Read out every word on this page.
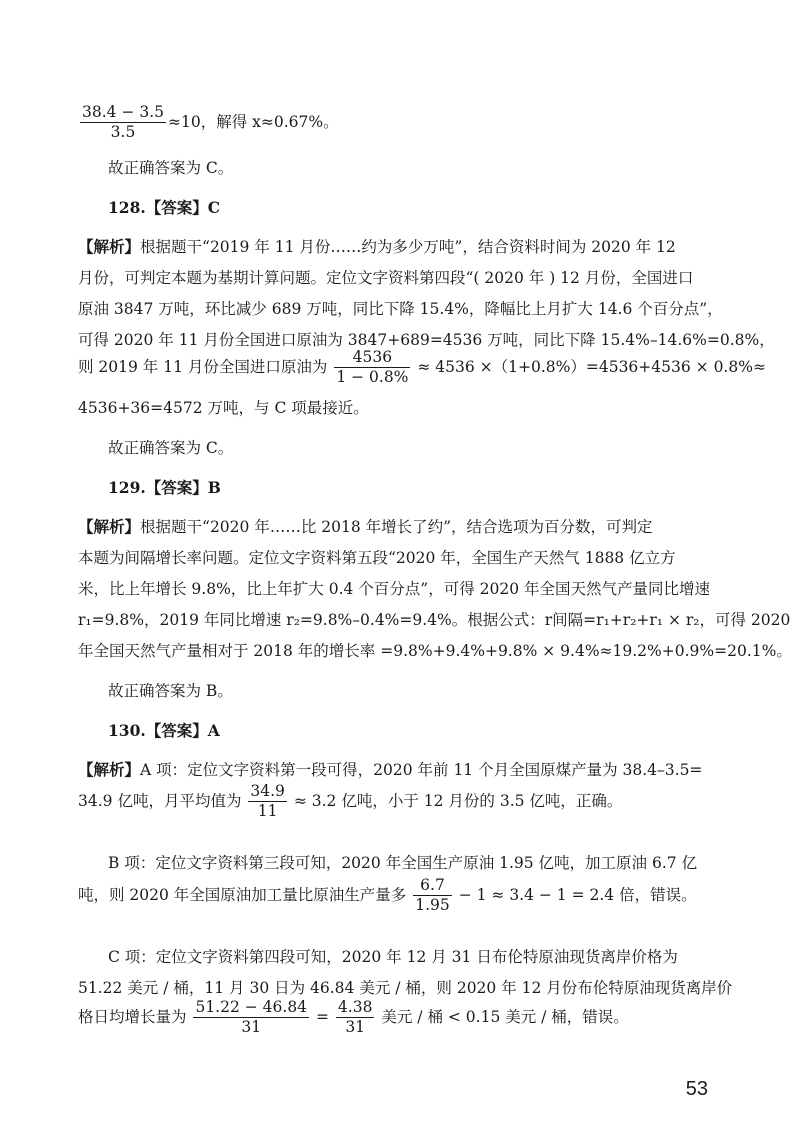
$\frac{38.4 - 3.5}{3.5} \approx 10$，解得 x≈0.67%。
故正确答案为 C。
128.【答案】C
【解析】根据题干“2019 年 11 月份……约为多少万吨”，结合资料时间为 2020 年 12
月份，可判定本题为基期计算问题。定位文字资料第四段“( 2020 年 ) 12 月份，全国进口
原油 3847 万吨，环比减少 689 万吨，同比下降 15.4%，降幅比上月扩大 14.6 个百分点”，
可得 2020 年 11 月份全国进口原油为 3847+689=4536 万吨，同比下降 15.4%–14.6%=0.8%，
则 2019 年 11 月份全国进口原油为 $\frac{4536}{1 - 0.8\%} \approx 4536 \times(1+0.8\%)=4536+4536 \times 0.8\%\approx$
4536+36=4572 万吨，与 C 项最接近。
故正确答案为 C。
129.【答案】B
【解析】根据题干“2020 年……比 2018 年增长了约”，结合选项为百分数，可判定
本题为间隔增长率问题。定位文字资料第五段“2020 年，全国生产天然气 1888 亿立方
米，比上年增长 9.8%，比上年扩大 0.4 个百分点”，可得 2020 年全国天然气产量同比增速
r₁=9.8%，2019 年同比增速 r₂=9.8%–0.4%=9.4%。根据公式：r间隔=r₁+r₂+r₁ × r₂，可得 2020
年全国天然气产量相对于 2018 年的增长率 =9.8%+9.4%+9.8% × 9.4%≈19.2%+0.9%=20.1%。
故正确答案为 B。
130.【答案】A
【解析】A 项：定位文字资料第一段可得，2020 年前 11 个月全国原煤产量为 38.4–3.5=
34.9 亿吨，月平均值为 $\frac{34.9}{11} \approx 3.2$ 亿吨，小于 12 月份的 3.5 亿吨，正确。
B 项：定位文字资料第三段可知，2020 年全国生产原油 1.95 亿吨，加工原油 6.7 亿
吨，则 2020 年全国原油加工量比原油生产量多 $\frac{6.7}{1.95} - 1 \approx 3.4 - 1 = 2.4$ 倍，错误。
C 项：定位文字资料第四段可知，2020 年 12 月 31 日布伦特原油现货离岸价格为
51.22 美元 / 桶，11 月 30 日为 46.84 美元 / 桶，则 2020 年 12 月份布伦特原油现货离岸价
格日均增长量为 $\frac{51.22 - 46.84}{31} = \frac{4.38}{31}$ 美元 / 桶 < 0.15 美元 / 桶，错误。
53
